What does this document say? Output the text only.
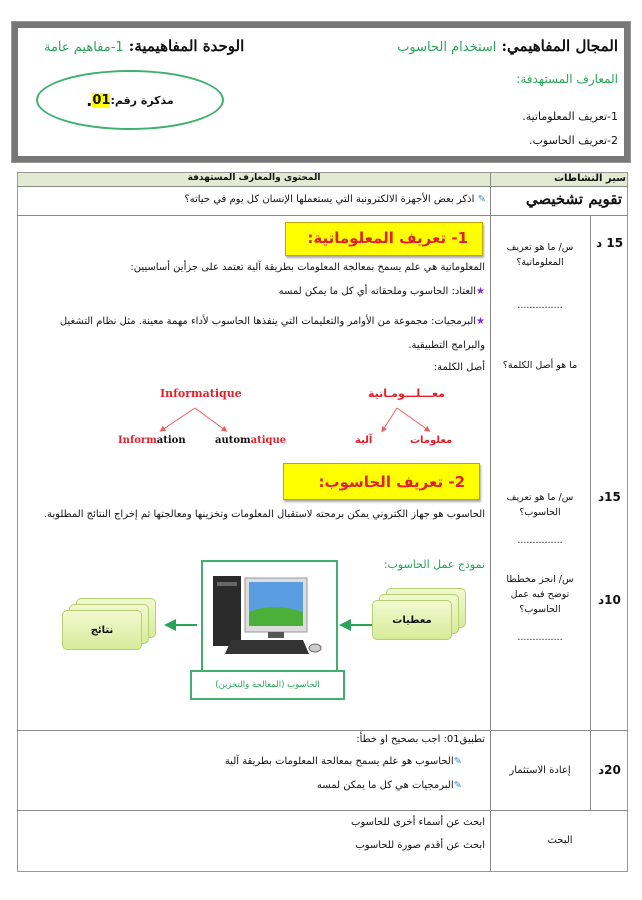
المجال المفاهيمي: استخدام الحاسوب
الوحدة المفاهيمية: 1-مفاهيم عامة
المعارف المستهدفة:
1-تعريف المعلوماتية.
2-تعريف الحاسوب.
مذكرة رقم:
01
.
المحتوى والمعارف المستهدفة	سير النشاطات
تقويم تشخيصي
✎ اذكر بعض الأجهزة الالكترونية التي يستعملها الإنسان كل يوم في حياته؟
1- تعريف المعلوماتية:
المعلوماتية هي علم يسمح بمعالجة المعلومات بطريقة آلية تعتمد على جزأين أساسيين:
★العتاد: الحاسوب وملحقاته أي كل ما يمكن لمسه
★البرمجيات: مجموعة من الأوامر والتعليمات التي ينفذها الحاسوب لأداء مهمة معينة. مثل نظام التشغيل والبرامج التطبيقية.
أصل الكلمة:
Informatique
Information	automatique
معـــلـــومـاتية
معلومات
آلية
2- تعريف الحاسوب:
الحاسوب هو جهاز الكتروني يمكن برمجته لاستقبال المعلومات وتخزينها ومعالجتها ثم إخراج النتائج المطلوبة.
نموذج عمل الحاسوب:
معطيات
نتائج
الحاسوب (المعالجة والتخزين)
س/ ما هو تعريف المعلوماتية؟
...............
ما هو أصل الكلمة؟
س/ ما هو تعريف الحاسوب؟
...............
س/ انجز مخططا توضح فيه عمل الحاسوب؟
...............
15 د
15د
10د
20د
إعادة الاستثمار
تطبيق01: اجب بصحيح او خطأ:
✎الحاسوب هو علم يسمح بمعالجة المعلومات بطريقة آلية
✎البرمجيات هي كل ما يمكن لمسه
البحث
ابحث عن أسماء أخرى للحاسوب
ابحث عن أقدم صورة للحاسوب
